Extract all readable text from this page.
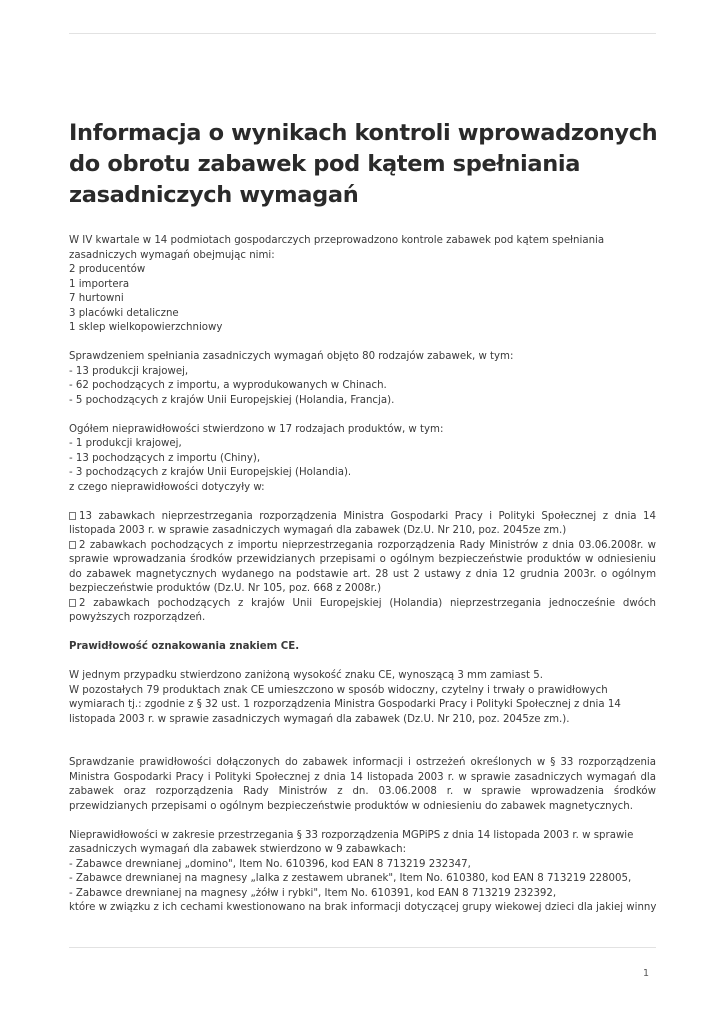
Informacja o wynikach kontroli wprowadzonych do obrotu zabawek pod kątem spełniania zasadniczych wymagań

W IV kwartale w 14 podmiotach gospodarczych przeprowadzono kontrole zabawek pod kątem spełniania zasadniczych wymagań obejmując nimi:
2 producentów
1 importera
7 hurtowni
3 placówki detaliczne
1 sklep wielkopowierzchniowy

Sprawdzeniem spełniania zasadniczych wymagań objęto 80 rodzajów zabawek, w tym:
- 13 produkcji krajowej,
- 62 pochodzących z importu, a wyprodukowanych w Chinach.
- 5 pochodzących z krajów Unii Europejskiej (Holandia, Francja).

Ogółem nieprawidłowości stwierdzono w 17 rodzajach produktów, w tym:
- 1 produkcji krajowej,
- 13 pochodzących z importu (Chiny),
- 3 pochodzących z krajów Unii Europejskiej (Holandia).
z czego nieprawidłowości dotyczyły w:

13 zabawkach nieprzestrzegania rozporządzenia Ministra Gospodarki Pracy i Polityki Społecznej z dnia 14 listopada 2003 r. w sprawie zasadniczych wymagań dla zabawek (Dz.U. Nr 210, poz. 2045ze zm.)
2 zabawkach pochodzących z importu nieprzestrzegania rozporządzenia Rady Ministrów z dnia 03.06.2008r. w sprawie wprowadzania środków przewidzianych przepisami o ogólnym bezpieczeństwie produktów w odniesieniu do zabawek magnetycznych wydanego na podstawie art. 28 ust 2 ustawy z dnia 12 grudnia 2003r. o ogólnym bezpieczeństwie produktów (Dz.U. Nr 105, poz. 668 z 2008r.)
2 zabawkach pochodzących z krajów Unii Europejskiej (Holandia) nieprzestrzegania jednocześnie dwóch powyższych rozporządzeń.

Prawidłowość oznakowania znakiem CE.

W jednym przypadku stwierdzono zaniżoną wysokość znaku CE, wynoszącą 3 mm zamiast 5.
W pozostałych 79 produktach znak CE umieszczono w sposób widoczny, czytelny i trwały o prawidłowych wymiarach tj.: zgodnie z § 32 ust. 1 rozporządzenia Ministra Gospodarki Pracy i Polityki Społecznej z dnia 14 listopada 2003 r. w sprawie zasadniczych wymagań dla zabawek (Dz.U. Nr 210, poz. 2045ze zm.).

Sprawdzanie prawidłowości dołączonych do zabawek informacji i ostrzeżeń określonych w § 33 rozporządzenia Ministra Gospodarki Pracy i Polityki Społecznej z dnia 14 listopada 2003 r. w sprawie zasadniczych wymagań dla zabawek oraz rozporządzenia Rady Ministrów z dn. 03.06.2008 r. w sprawie wprowadzenia środków przewidzianych przepisami o ogólnym bezpieczeństwie produktów w odniesieniu do zabawek magnetycznych.

Nieprawidłowości w zakresie przestrzegania § 33 rozporządzenia MGPiPS z dnia 14 listopada 2003 r. w sprawie zasadniczych wymagań dla zabawek stwierdzono w 9 zabawkach:
- Zabawce drewnianej „domino", Item No. 610396, kod EAN 8 713219 232347,
- Zabawce drewnianej na magnesy „lalka z zestawem ubranek", Item No. 610380, kod EAN 8 713219 228005,
- Zabawce drewnianej na magnesy „żółw i rybki", Item No. 610391, kod EAN 8 713219 232392,
które w związku z ich cechami kwestionowano na brak informacji dotyczącej grupy wiekowej dzieci dla jakiej winny

1
